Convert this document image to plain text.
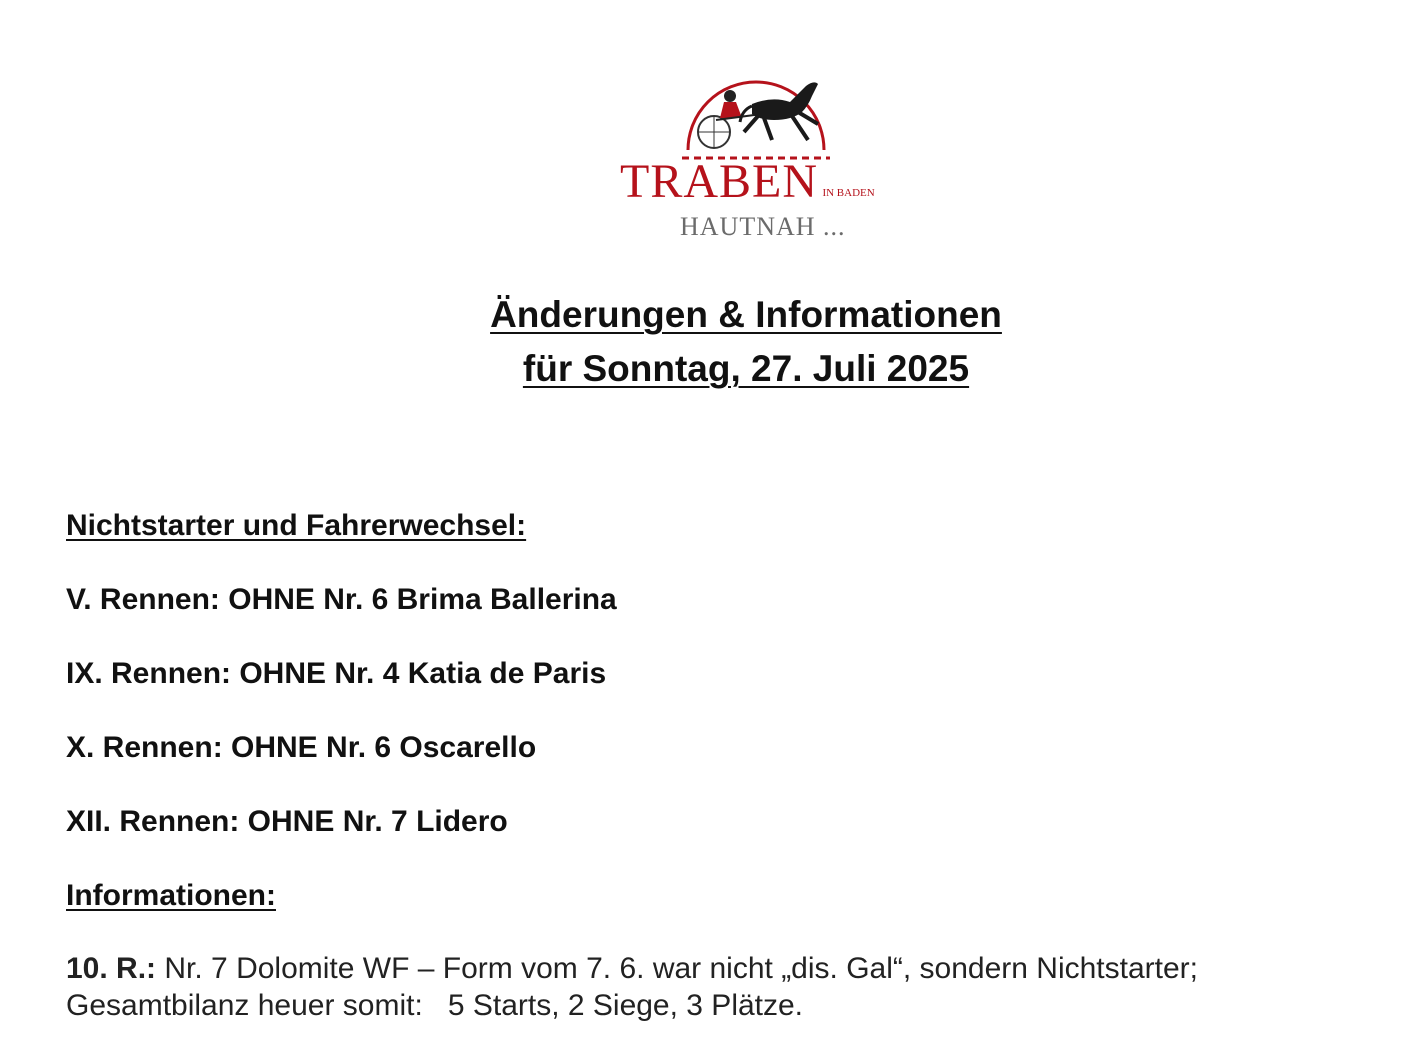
TRABEN IN BADEN
HAUTNAH ...
Änderungen & Informationen
für Sonntag, 27. Juli 2025
Nichtstarter und Fahrerwechsel:
V. Rennen: OHNE Nr. 6 Brima Ballerina
IX. Rennen: OHNE Nr. 4 Katia de Paris
X. Rennen: OHNE Nr. 6 Oscarello
XII. Rennen: OHNE Nr. 7 Lidero
Informationen:
10. R.: Nr. 7 Dolomite WF – Form vom 7. 6. war nicht „dis. Gal“, sondern Nichtstarter;
Gesamtbilanz heuer somit:   5 Starts, 2 Siege, 3 Plätze.
